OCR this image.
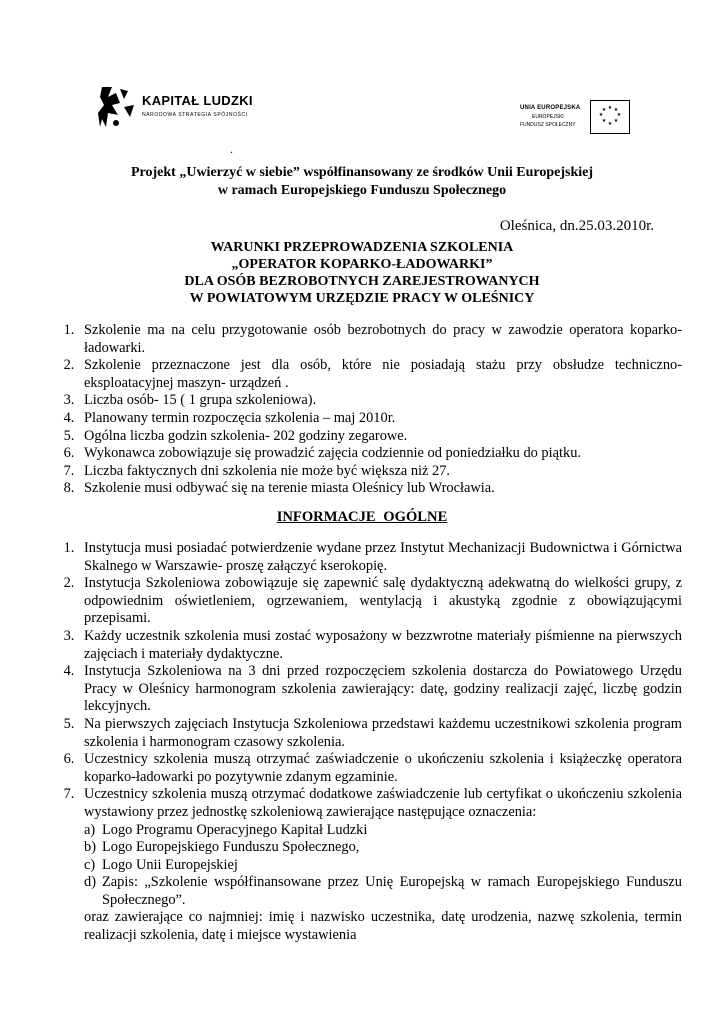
KAPITAŁ LUDZKI
NARODOWA STRATEGIA SPÓJNOŚCI
UNIA EUROPEJSKA
EUROPEJSKI
FUNDUSZ SPOŁECZNY
★ ★
★
★
★
★
★
★
.
Projekt „Uwierzyć w siebie” współfinansowany ze środków Unii Europejskiej
w ramach Europejskiego Funduszu Społecznego
Oleśnica, dn.25.03.2010r.
WARUNKI PRZEPROWADZENIA SZKOLENIA
„OPERATOR KOPARKO-ŁADOWARKI”
DLA OSÓB BEZROBOTNYCH ZAREJESTROWANYCH
W POWIATOWYM URZĘDZIE PRACY W OLEŚNICY
1. Szkolenie ma na celu przygotowanie osób bezrobotnych do pracy w zawodzie operatora koparko-ładowarki.
2. Szkolenie przeznaczone jest dla osób, które nie posiadają stażu przy obsłudze techniczno-eksploatacyjnej maszyn- urządzeń .
3. Liczba osób- 15 ( 1 grupa szkoleniowa).
4. Planowany termin rozpoczęcia szkolenia – maj 2010r.
5. Ogólna liczba godzin szkolenia- 202 godziny zegarowe.
6. Wykonawca zobowiązuje się prowadzić zajęcia codziennie od poniedziałku do piątku.
7. Liczba faktycznych dni szkolenia nie może być większa niż 27.
8. Szkolenie musi odbywać się na terenie miasta Oleśnicy lub Wrocławia.
INFORMACJE OGÓLNE
1. Instytucja musi posiadać potwierdzenie wydane przez Instytut Mechanizacji Budownictwa i Górnictwa Skalnego w Warszawie- proszę załączyć kserokopię.
2. Instytucja Szkoleniowa zobowiązuje się zapewnić salę dydaktyczną adekwatną do wielkości grupy, z odpowiednim oświetleniem, ogrzewaniem, wentylacją i akustyką zgodnie z obowiązującymi przepisami.
3. Każdy uczestnik szkolenia musi zostać wyposażony w bezzwrotne materiały piśmienne na pierwszych zajęciach i materiały dydaktyczne.
4. Instytucja Szkoleniowa na 3 dni przed rozpoczęciem szkolenia dostarcza do Powiatowego Urzędu Pracy w Oleśnicy harmonogram szkolenia zawierający: datę, godziny realizacji zajęć, liczbę godzin lekcyjnych.
5. Na pierwszych zajęciach Instytucja Szkoleniowa przedstawi każdemu uczestnikowi szkolenia program szkolenia i harmonogram czasowy szkolenia.
6. Uczestnicy szkolenia muszą otrzymać zaświadczenie o ukończeniu szkolenia i książeczkę operatora koparko-ładowarki po pozytywnie zdanym egzaminie.
7. Uczestnicy szkolenia muszą otrzymać dodatkowe zaświadczenie lub certyfikat o ukończeniu szkolenia wystawiony przez jednostkę szkoleniową zawierające następujące oznaczenia:
a) Logo Programu Operacyjnego Kapitał Ludzki
b) Logo Europejskiego Funduszu Społecznego,
c) Logo Unii Europejskiej
d) Zapis: „Szkolenie współfinansowane przez Unię Europejską w ramach Europejskiego Funduszu Społecznego”.
oraz zawierające co najmniej: imię i nazwisko uczestnika, datę urodzenia, nazwę szkolenia, termin realizacji szkolenia, datę i miejsce wystawienia
